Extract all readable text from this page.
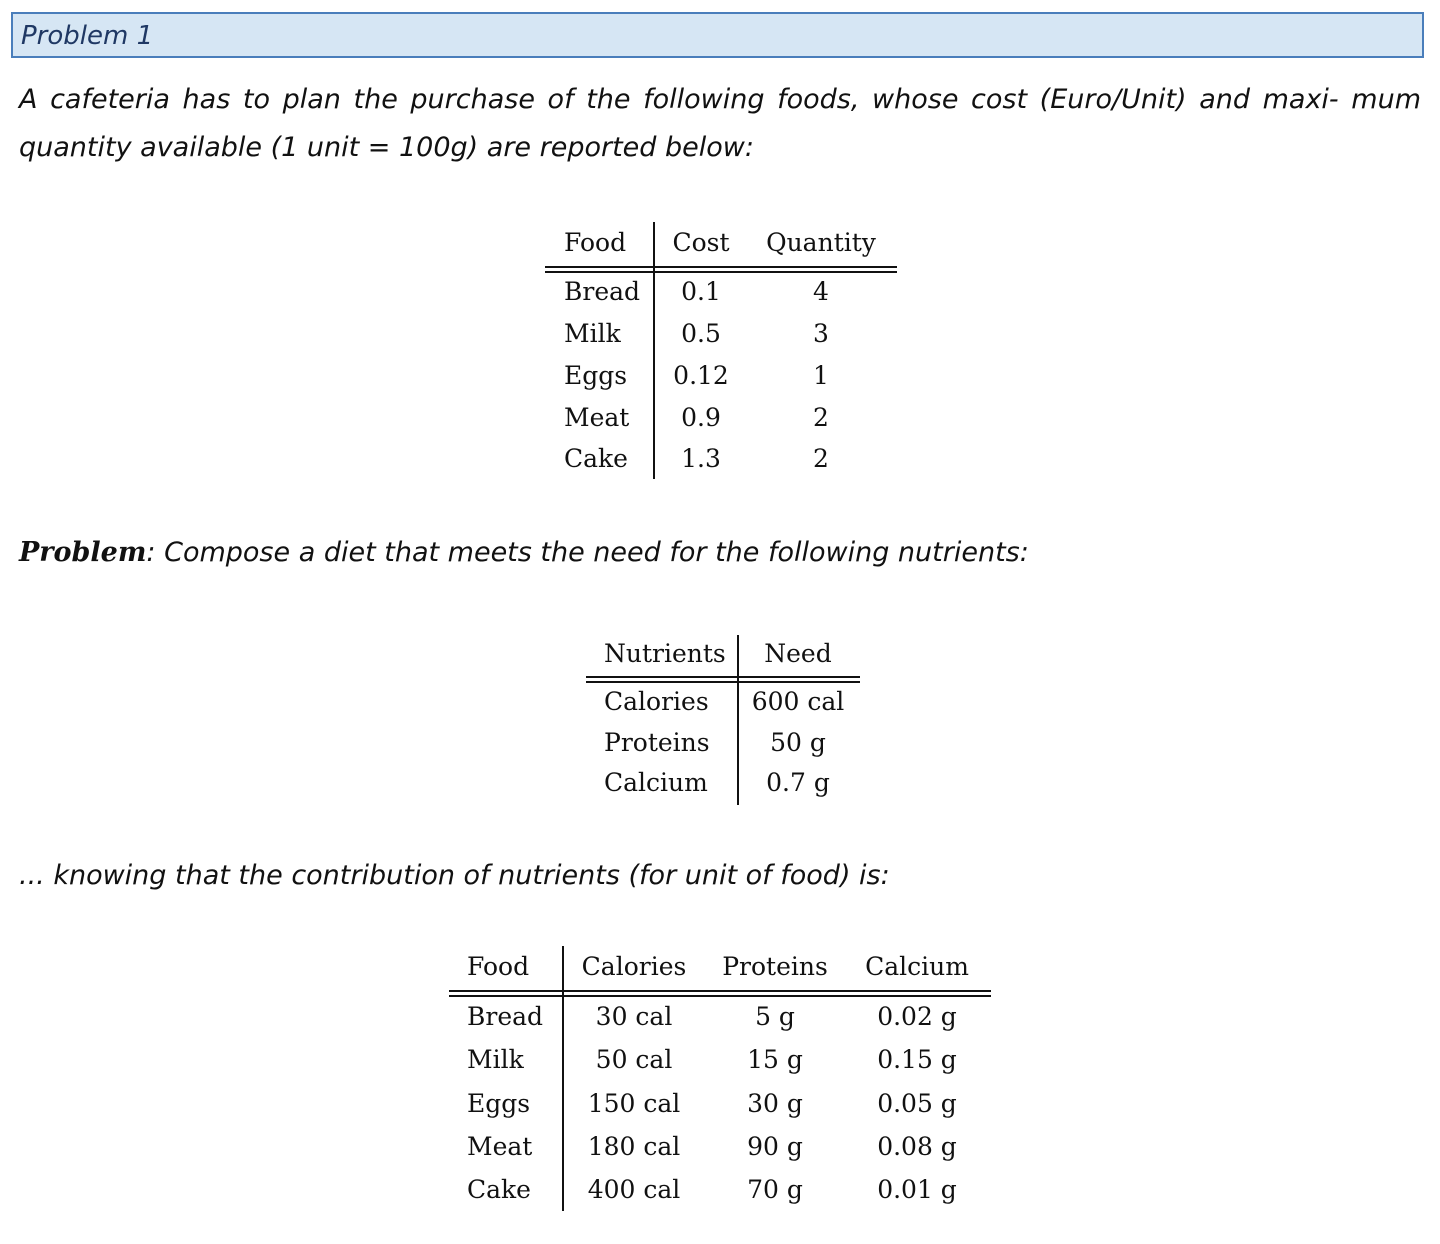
Problem 1
A cafeteria has to plan the purchase of the following foods, whose cost (Euro/Unit) and maxi- mum quantity available (1 unit = 100g) are reported below:
Food Cost Quantity
Bread 0.1	4
Milk 0.5	3
Eggs 0.12	1
Meat 0.9	2
Cake 1.3	2
Problem: Compose a diet that meets the need for the following nutrients:
Nutrients Need
Calories 600 cal
Proteins 50 g
Calcium 0.7 g
... knowing that the contribution of nutrients (for unit of food) is:
Food Calories Proteins Calcium
Bread 30 cal	5 g	0.02 g
Milk	50 cal	15 g	0.15 g
Eggs 150 cal	30 g	0.05 g
Meat 180 cal	90 g	0.08 g
Cake 400 cal	70 g	0.01 g
